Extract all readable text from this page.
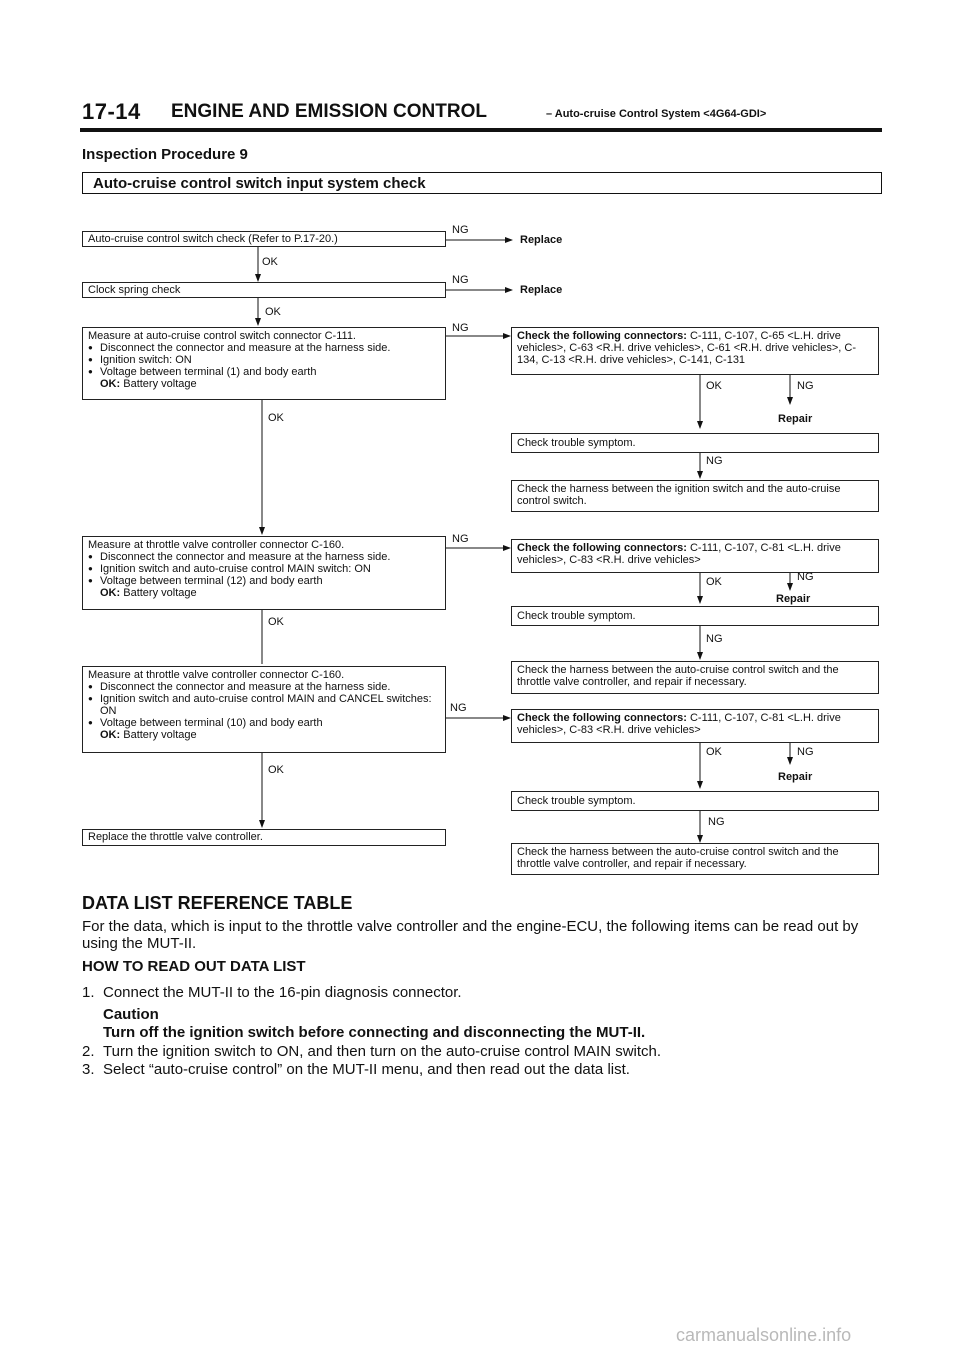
17-14 ENGINE AND EMISSION CONTROL	– Auto-cruise Control System <4G64-GDI>
Inspection Procedure 9
Auto-cruise control switch input system check
Auto-cruise control switch check (Refer to P.17-20.)
OK
Clock spring check
OK
Measure at auto-cruise control switch connector C-111.
● Disconnect the connector and measure at the harness side.
● Ignition switch: ON
● Voltage between terminal (1) and body earth
OK: Battery voltage
OK
Measure at throttle valve controller connector C-160.
● Disconnect the connector and measure at the harness side.
● Ignition switch and auto-cruise control MAIN switch: ON
● Voltage between terminal (12) and body earth
OK: Battery voltage
OK
Measure at throttle valve controller connector C-160.
● Disconnect the connector and measure at the harness side.
● Ignition switch and auto-cruise control MAIN and CANCEL switches: ON
● Voltage between terminal (10) and body earth
OK: Battery voltage
OK
Replace the throttle valve controller.
NG
NG
NG
NG
NG
Replace
Replace
Check the following connectors: C-111, C-107, C-65 <L.H. drive vehicles>, C-63 <R.H. drive vehicles>, C-61 <R.H. drive vehicles>, C-134, C-13 <R.H. drive vehicles>, C-141, C-131
OK	NG
Repair
Check trouble symptom.
NG
Check the harness between the ignition switch and the auto-cruise control switch.
Check the following connectors: C-111, C-107, C-81 <L.H. drive vehicles>, C-83 <R.H. drive vehicles>
OK	NG
Repair
Check trouble symptom.
NG
Check the harness between the auto-cruise control switch and the throttle valve controller, and repair if necessary.
Check the following connectors: C-111, C-107, C-81 <L.H. drive vehicles>, C-83 <R.H. drive vehicles>
OK	NG
Repair
Check trouble symptom.
NG
Check the harness between the auto-cruise control switch and the throttle valve controller, and repair if necessary.
DATA LIST REFERENCE TABLE
For the data, which is input to the throttle valve controller and the engine-ECU, the following items can be read out by using the MUT-II.
HOW TO READ OUT DATA LIST
1. Connect the MUT-II to the 16-pin diagnosis connector.
Caution
Turn off the ignition switch before connecting and disconnecting the MUT-II.
2. Turn the ignition switch to ON, and then turn on the auto-cruise control MAIN switch.
3. Select “auto-cruise control” on the MUT-II menu, and then read out the data list.
carmanualsonline.info
